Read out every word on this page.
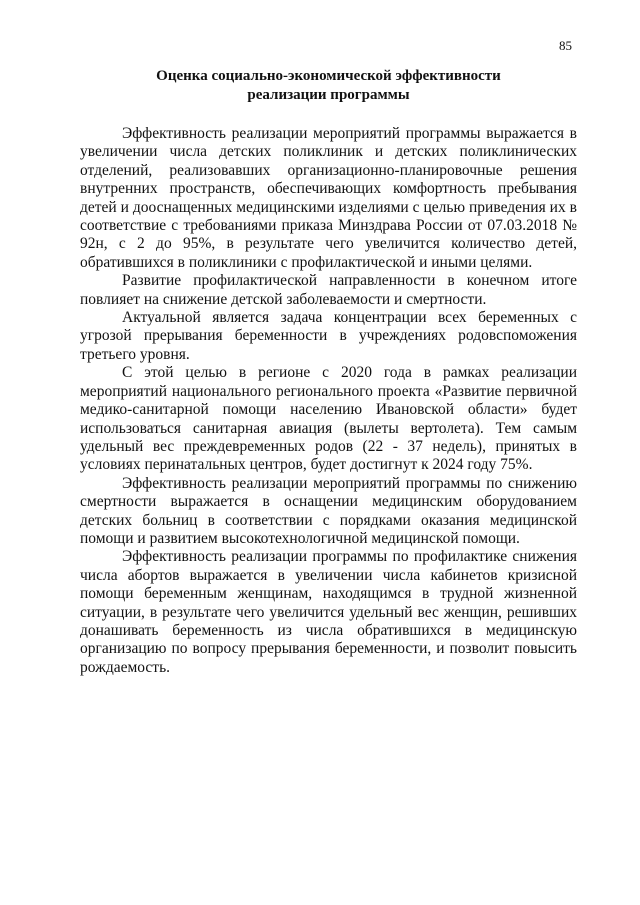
85

Оценка социально-экономической эффективности
реализации программы

Эффективность реализации мероприятий программы выражается в увеличении числа детских поликлиник и детских поликлинических отделений, реализовавших организационно-планировочные решения внутренних пространств, обеспечивающих комфортность пребывания детей и дооснащенных медицинскими изделиями с целью приведения их в соответствие с требованиями приказа Минздрава России от 07.03.2018 № 92н, с 2 до 95%, в результате чего увеличится количество детей, обратившихся в поликлиники с профилактической и иными целями.

Развитие профилактической направленности в конечном итоге повлияет на снижение детской заболеваемости и смертности.

Актуальной является задача концентрации всех беременных с угрозой прерывания беременности в учреждениях родовспоможения третьего уровня.

С этой целью в регионе с 2020 года в рамках реализации мероприятий национального регионального проекта «Развитие первичной медико-санитарной помощи населению Ивановской области» будет использоваться санитарная авиация (вылеты вертолета). Тем самым удельный вес преждевременных родов (22 - 37 недель), принятых в условиях перинатальных центров, будет достигнут к 2024 году 75%.

Эффективность реализации мероприятий программы по снижению смертности выражается в оснащении медицинским оборудованием детских больниц в соответствии с порядками оказания медицинской помощи и развитием высокотехнологичной медицинской помощи.

Эффективность реализации программы по профилактике снижения числа абортов выражается в увеличении числа кабинетов кризисной помощи беременным женщинам, находящимся в трудной жизненной ситуации, в результате чего увеличится удельный вес женщин, решивших донашивать беременность из числа обратившихся в медицинскую организацию по вопросу прерывания беременности, и позволит повысить рождаемость.
